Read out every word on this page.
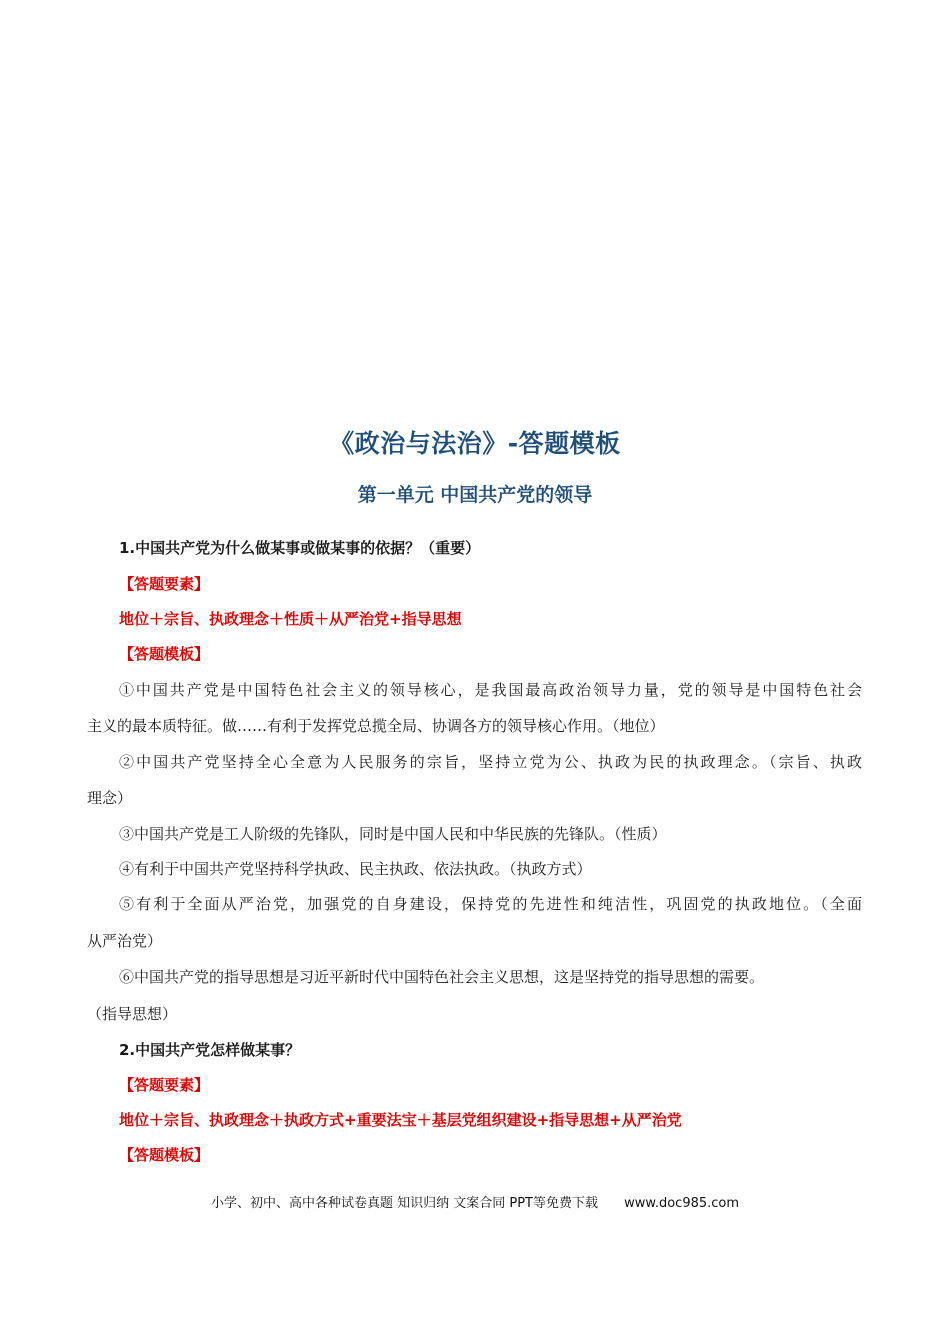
《政治与法治》-答题模板
第一单元 中国共产党的领导
1.中国共产党为什么做某事或做某事的依据？（重要）
【答题要素】
地位＋宗旨、执政理念＋性质＋从严治党+指导思想
【答题模板】
①中国共产党是中国特色社会主义的领导核心，是我国最高政治领导力量，党的领导是中国特色社会
主义的最本质特征。做……有利于发挥党总揽全局、协调各方的领导核心作用。（地位）
②中国共产党坚持全心全意为人民服务的宗旨，坚持立党为公、执政为民的执政理念。（宗旨、执政
理念）
③中国共产党是工人阶级的先锋队，同时是中国人民和中华民族的先锋队。（性质）
④有利于中国共产党坚持科学执政、民主执政、依法执政。（执政方式）
⑤有利于全面从严治党，加强党的自身建设，保持党的先进性和纯洁性，巩固党的执政地位。（全面
从严治党）
⑥中国共产党的指导思想是习近平新时代中国特色社会主义思想，这是坚持党的指导思想的需要。
（指导思想）
2.中国共产党怎样做某事？
【答题要素】
地位＋宗旨、执政理念＋执政方式+重要法宝＋基层党组织建设+指导思想+从严治党
【答题模板】
小学、初中、高中各种试卷真题 知识归纳 文案合同 PPT等免费下载 www.doc985.com
